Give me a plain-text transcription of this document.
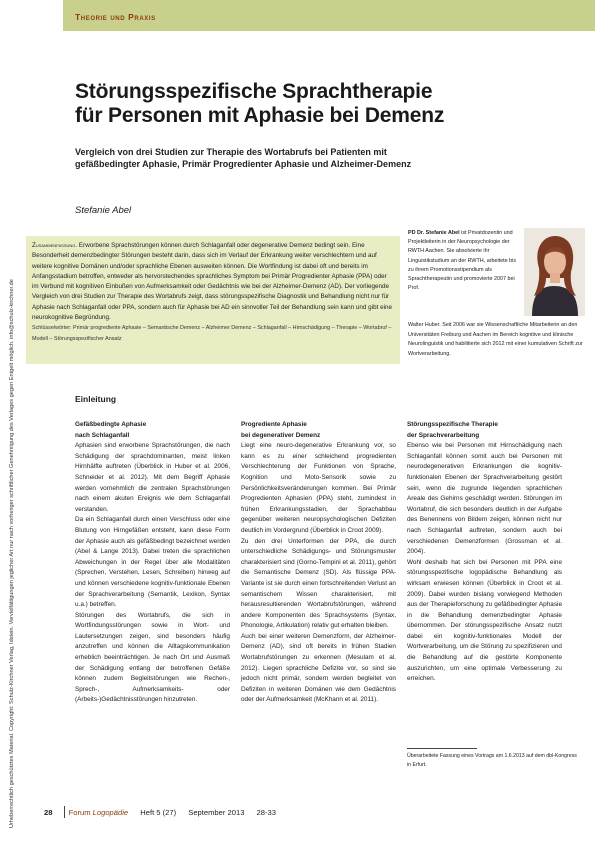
Theorie und Praxis
Urheberrechtlich geschütztes Material. Copyright: Schulz-Kirchner Verlag, Idstein. Vervielfältigungen jeglicher Art nur nach vorheriger schriftlicher Genehmigung des Verlages gegen Entgelt möglich. info@schulz-kirchner.de
Störungsspezifische Sprachtherapie
für Personen mit Aphasie bei Demenz
Vergleich von drei Studien zur Therapie des Wortabrufs bei Patienten mit gefäßbedingter Aphasie, Primär Progredienter Aphasie und Alzheimer-Demenz
Stefanie Abel
Zusammenfassung. Erworbene Sprachstörungen können durch Schlaganfall oder degenerative Demenz bedingt sein. Eine Besonderheit demenzbedingter Störungen besteht darin, dass sich im Verlauf der Erkrankung weiter verschlechtern und auf weitere kognitive Domänen und/oder sprachliche Ebenen ausweiten können. Die Wortfindung ist dabei oft und bereits im Anfangsstadium betroffen, entweder als hervorstechendes sprachliches Symptom bei Primär Progredienter Aphasie (PPA) oder im Verbund mit kognitiven Einbußen von Aufmerksamkeit oder Gedächtnis wie bei der Alzheimer-Demenz (AD). Der vorliegende Vergleich von drei Studien zur Therapie des Wortabrufs zeigt, dass störungsspezifische Diagnostik und Behandlung nicht nur für Aphasie nach Schlaganfall oder PPA, sondern auch für Aphasie bei AD ein sinnvoller Teil der Behandlung sein kann und gibt eine neurokognitive Begründung.
Schlüsselwörter: Primär progrediente Aphasie – Semantische Demenz – Alzheimer Demenz – Schlaganfall – Hirnschädigung – Therapie – Wortabruf – Modell – Störungsspezifischer Ansatz
PD Dr. Stefanie Abel ist Privatdozentin und Projektleiterin in der Neuropsychologie der RWTH Aachen. Sie absolvierte ihr Linguistikstudium an der RWTH, arbeitete bis zu ihrem Promotionsstipendium als Sprachtherapeutin und promovierte 2007 bei Prof.
Walter Huber. Seit 2006 war sie Wissenschaftliche Mitarbeiterin an den Universitäten Freiburg und Aachen im Bereich kognitive und klinische Neurolinguistik und habilitierte sich 2012 mit einer kumulativen Schrift zur Wortverarbeitung.
Einleitung
Gefäßbedingte Aphasie
nach Schlaganfall

Aphasien sind erworbene Sprachstörungen, die nach Schädigung der sprachdominanten, meist linken Hirnhälfte auftreten (Überblick in Huber et al. 2006, Schneider et al. 2012). Mit dem Begriff Aphasie werden vornehmlich die zentralen Sprachstörungen nach einem akuten Ereignis wie dem Schlaganfall verstanden.

Da ein Schlaganfall durch einen Verschluss oder eine Blutung von Hirngefäßen entsteht, kann diese Form der Aphasie auch als gefäßbedingt bezeichnet werden (Abel & Lange 2013). Dabei treten die sprachlichen Abweichungen in der Regel über alle Modalitäten (Sprechen, Verstehen, Lesen, Schreiben) hinweg auf und können verschiedene kognitiv-funktionale Ebenen der Sprachverarbeitung (Semantik, Lexikon, Syntax u.a.) betreffen.

Störungen des Wortabrufs, die sich in Wortfindungsstörungen sowie in Wort- und Lautersetzungen zeigen, sind besonders häufig anzutreffen und können die Alltagskommunikation erheblich beeinträchtigen. Je nach Ort und Ausmaß der Schädigung entlang der betroffenen Gefäße können zudem Begleitstörungen wie Rechen-, Sprech-, Aufmerksamkeits- oder (Arbeits-)Gedächtnisstörungen hinzutreten.

Progrediente Aphasie
bei degenerativer Demenz

Liegt eine neuro-degenerative Erkrankung vor, so kann es zu einer schleichend progredienten Verschlechterung der Funktionen von Sprache, Kognition und Moto-Sensorik sowie zu Persönlichkeitsveränderungen kommen. Bei Primär Progredienten Aphasien (PPA) steht, zumindest in frühen Erkrankungsstadien, der Sprachabbau gegenüber weiteren neuropsychologischen Defiziten deutlich im Vordergrund (Überblick in Croot 2009).

Zu den drei Unterformen der PPA, die durch unterschiedliche Schädigungs- und Störungsmuster charakterisiert sind (Gorno-Tempini et al. 2011), gehört die Semantische Demenz (SD). Als flüssige PPA-Variante ist sie durch einen fortschreitenden Verlust an semantischem Wissen charakterisiert, mit herausresultierenden Wortabrufstörungen, während andere Komponenten des Sprachsystems (Syntax, Phonologie, Artikulation) relativ gut erhalten bleiben.

Auch bei einer weiteren Demenzform, der Alzheimer-Demenz (AD), sind oft bereits in frühen Stadien Wortabrufstörungen zu erkennen (Mesulam et al. 2012). Liegen sprachliche Defizite vor, so sind sie jedoch nicht primär, sondern werden begleitet von Defiziten in weiteren Domänen wie dem Gedächtnis oder der Aufmerksamkeit (McKhann et al. 2011).

Störungsspezifische Therapie
der Sprachverarbeitung

Ebenso wie bei Personen mit Hirnschädigung nach Schlaganfall können somit auch bei Personen mit neurodegenerativen Erkrankungen die kognitiv-funktionalen Ebenen der Sprachverarbeitung gestört sein, wenn die zugrunde liegenden sprachlichen Areale des Gehirns geschädigt werden. Störungen im Wortabruf, die sich besonders deutlich in der Aufgabe des Benennens von Bildern zeigen, können nicht nur nach Schlaganfall auftreten, sondern auch bei verschiedenen Demenzformen (Grossman et al. 2004).

Wohl deshalb hat sich bei Personen mit PPA eine störungsspezifische logopädische Behandlung als wirksam erwiesen können (Überblick in Croot et al. 2009). Dabei wurden bislang vorwiegend Methoden aus der Therapieforschung zu gefäßbedingter Aphasie in die Behandlung demenzbedingter Aphasie übernommen. Der störungsspezifische Ansatz nutzt dabei ein kognitiv-funktionales Modell der Wortverarbeitung, um die Störung zu spezifizieren und die Behandlung auf die gestörte Komponente auszurichten, um eine optimale Verbesserung zu erreichen.

Überarbeitete Fassung eines Vortrags am 1.6.2013 auf dem dbl-Kongress in Erfurt.
28 Forum Logopädie Heft 5 (27) September 2013 28-33
